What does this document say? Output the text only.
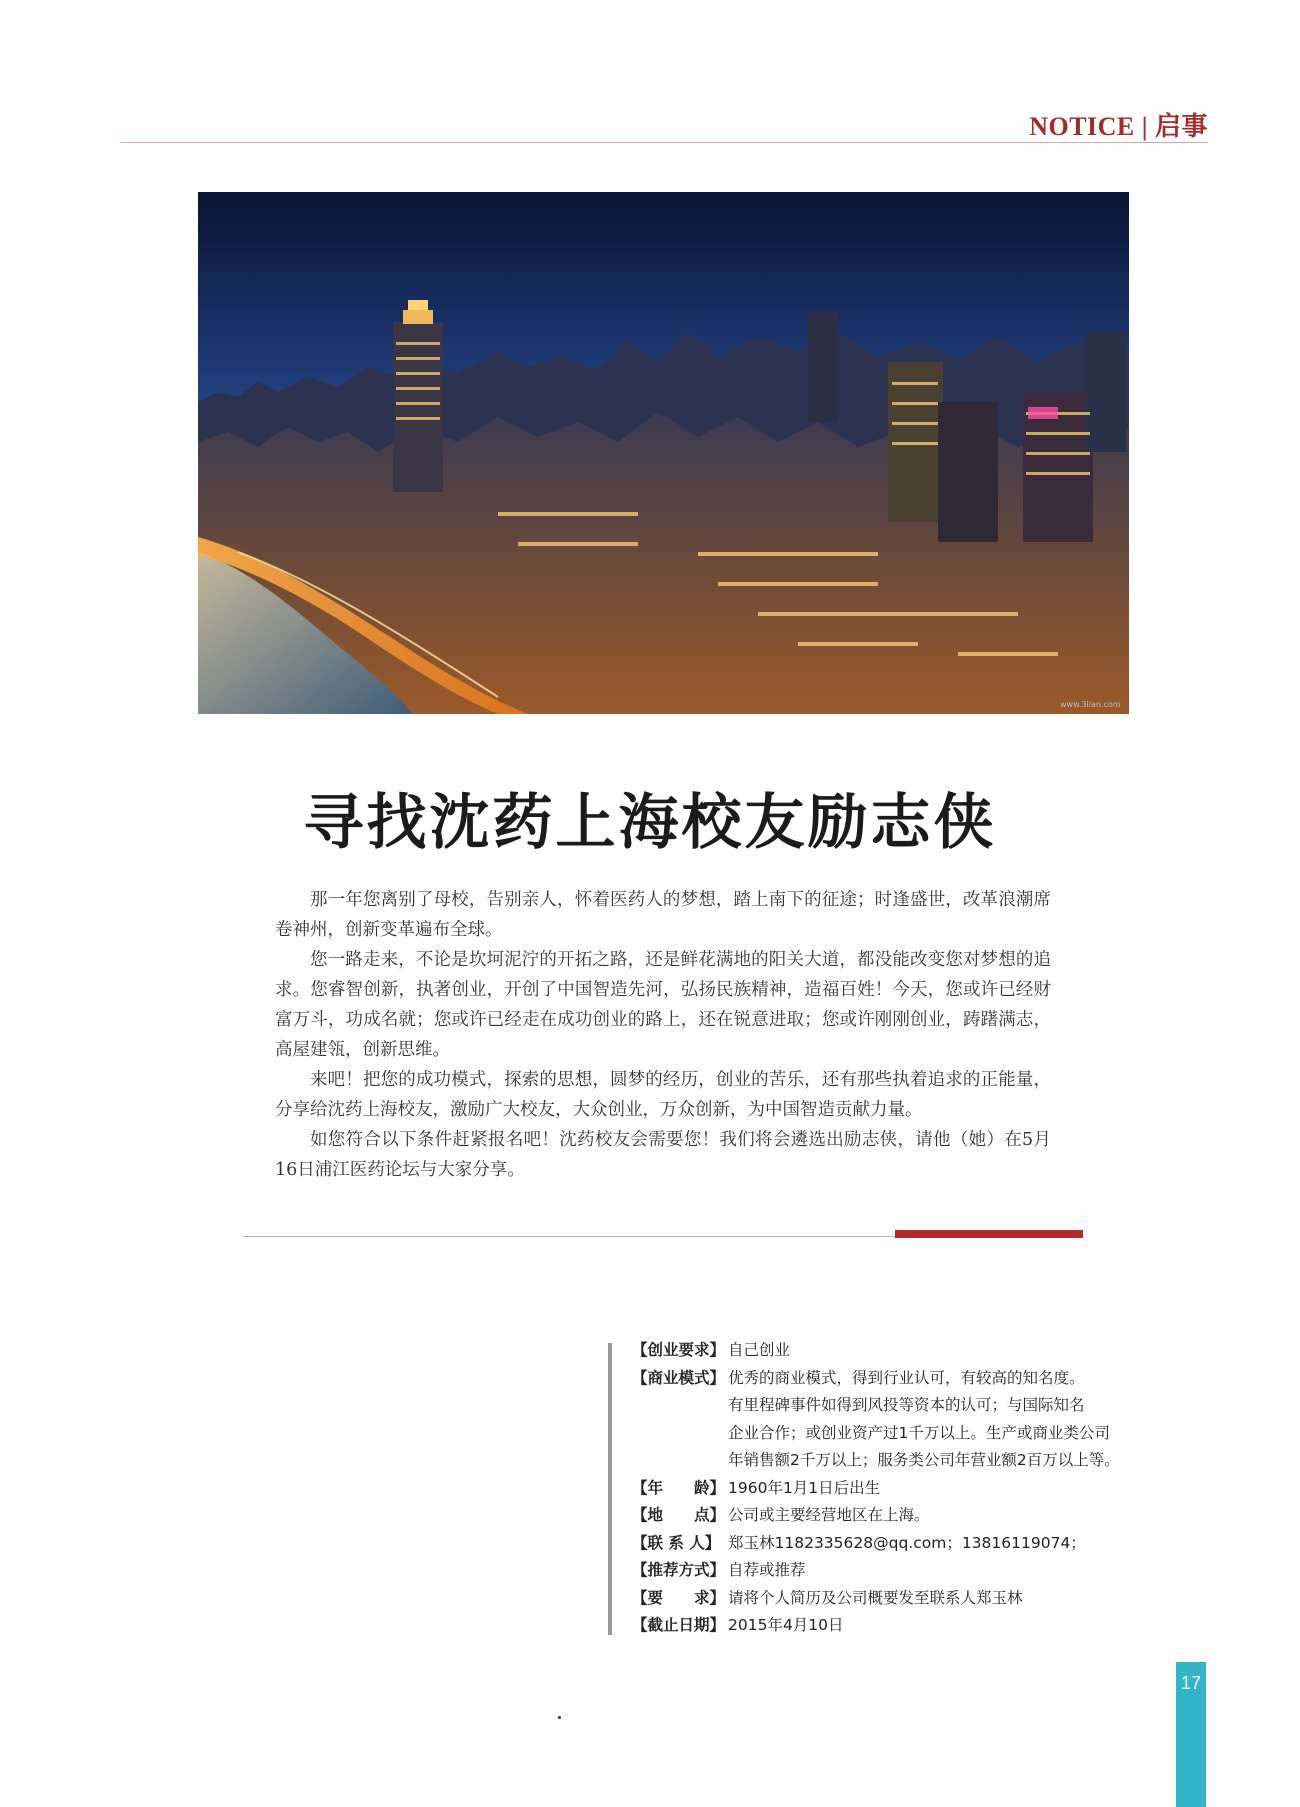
NOTICE | 启事
www.3lian.com
寻找沈药上海校友励志侠

那一年您离别了母校，告别亲人，怀着医药人的梦想，踏上南下的征途；时逢盛世，改革浪潮席卷神州，创新变革遍布全球。

您一路走来，不论是坎坷泥泞的开拓之路，还是鲜花满地的阳关大道，都没能改变您对梦想的追求。您睿智创新，执著创业，开创了中国智造先河，弘扬民族精神，造福百姓！今天，您或许已经财富万斗，功成名就；您或许已经走在成功创业的路上，还在锐意进取；您或许刚刚创业，踌躇满志，高屋建瓴，创新思维。

来吧！把您的成功模式，探索的思想，圆梦的经历，创业的苦乐，还有那些执着追求的正能量，分享给沈药上海校友，激励广大校友，大众创业，万众创新，为中国智造贡献力量。

如您符合以下条件赶紧报名吧！沈药校友会需要您！我们将会遴选出励志侠，请他（她）在5月16日浦江医药论坛与大家分享。

【创业要求】 自己创业
【商业模式】 优秀的商业模式，得到行业认可，有较高的知名度。
有里程碑事件如得到风投等资本的认可；与国际知名
企业合作；或创业资产过1千万以上。生产或商业类公司
年销售额2千万以上；服务类公司年营业额2百万以上等。
【年　　龄】 1960年1月1日后出生
【地　　点】 公司或主要经营地区在上海。
【联 系 人】 郑玉林1182335628@qq.com；13816119074；
【推荐方式】 自荐或推荐
【要　　求】 请将个人简历及公司概要发至联系人郑玉林
【截止日期】 2015年4月10日
17
